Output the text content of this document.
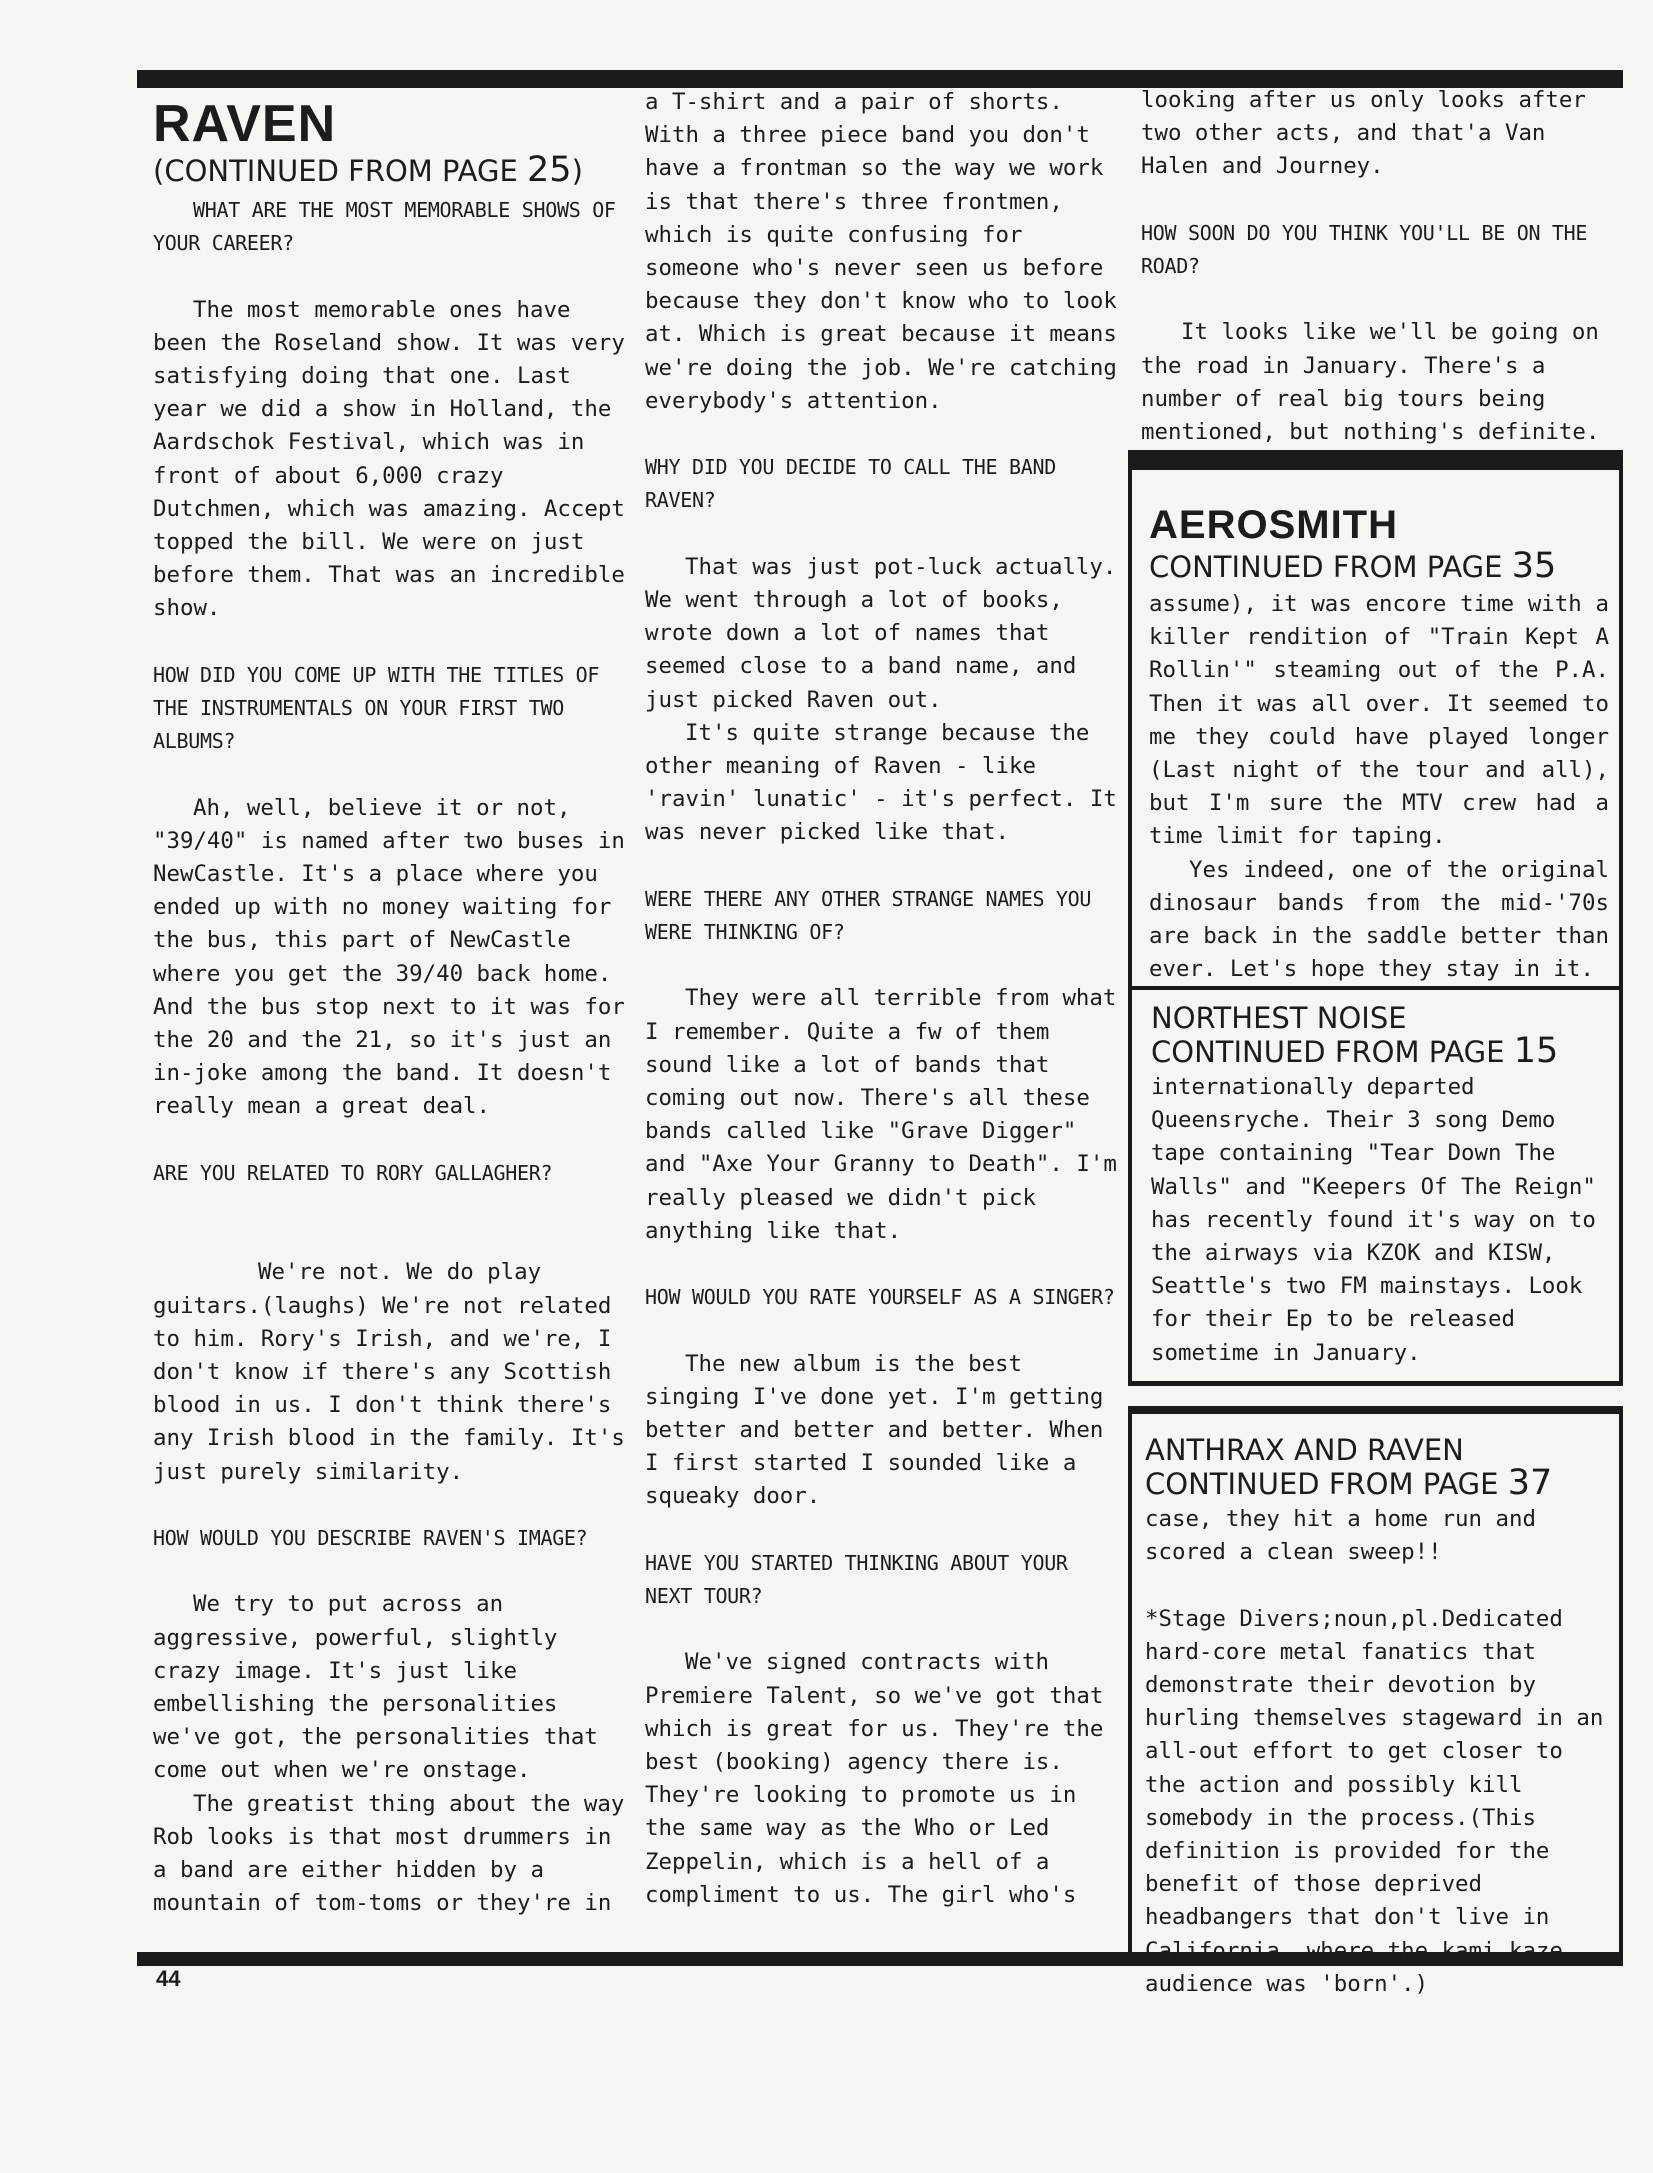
RAVEN
(CONTINUED FROM PAGE 25)
WHAT ARE THE MOST MEMORABLE SHOWS OF YOUR CAREER?
The most memorable ones have been the Roseland show. It was very satisfying doing that one. Last year we did a show in Holland, the Aardschok Festival, which was in front of about 6,000 crazy Dutchmen, which was amazing. Accept topped the bill. We were on just before them. That was an incredible show.
HOW DID YOU COME UP WITH THE TITLES OF THE INSTRUMENTALS ON YOUR FIRST TWO ALBUMS?
Ah, well, believe it or not, "39/40" is named after two buses in NewCastle. It's a place where you ended up with no money waiting for the bus, this part of NewCastle where you get the 39/40 back home. And the bus stop next to it was for the 20 and the 21, so it's just an in-joke among the band. It doesn't really mean a great deal.
ARE YOU RELATED TO RORY GALLAGHER?
We're not. We do play guitars.(laughs) We're not related to him. Rory's Irish, and we're, I don't know if there's any Scottish blood in us. I don't think there's any Irish blood in the family. It's just purely similarity.
HOW WOULD YOU DESCRIBE RAVEN'S IMAGE?
We try to put across an aggressive, powerful, slightly crazy image. It's just like embellishing the personalities we've got, the personalities that come out when we're onstage.
The greatist thing about the way Rob looks is that most drummers in a band are either hidden by a mountain of tom-toms or they're in
a T-shirt and a pair of shorts. With a three piece band you don't have a frontman so the way we work is that there's three frontmen, which is quite confusing for someone who's never seen us before because they don't know who to look at. Which is great because it means we're doing the job. We're catching everybody's attention.
WHY DID YOU DECIDE TO CALL THE BAND RAVEN?
That was just pot-luck actually. We went through a lot of books, wrote down a lot of names that seemed close to a band name, and just picked Raven out.
It's quite strange because the other meaning of Raven - like 'ravin' lunatic' - it's perfect. It was never picked like that.
WERE THERE ANY OTHER STRANGE NAMES YOU WERE THINKING OF?
They were all terrible from what I remember. Quite a fw of them sound like a lot of bands that coming out now. There's all these bands called like "Grave Digger" and "Axe Your Granny to Death". I'm really pleased we didn't pick anything like that.
HOW WOULD YOU RATE YOURSELF AS A SINGER?
The new album is the best singing I've done yet. I'm getting better and better and better. When I first started I sounded like a squeaky door.
HAVE YOU STARTED THINKING ABOUT YOUR NEXT TOUR?
We've signed contracts with Premiere Talent, so we've got that which is great for us. They're the best (booking) agency there is. They're looking to promote us in the same way as the Who or Led Zeppelin, which is a hell of a compliment to us. The girl who's
looking after us only looks after two other acts, and that'a Van Halen and Journey.
HOW SOON DO YOU THINK YOU'LL BE ON THE ROAD?
It looks like we'll be going on the road in January. There's a number of real big tours being mentioned, but nothing's definite.
AEROSMITH
CONTINUED FROM PAGE 35
assume), it was encore time with a killer rendition of "Train Kept A Rollin'" steaming out of the P.A. Then it was all over. It seemed to me they could have played longer (Last night of the tour and all), but I'm sure the MTV crew had a time limit for taping.
Yes indeed, one of the original dinosaur bands from the mid-'70s are back in the saddle better than ever. Let's hope they stay in it.
NORTHEST NOISE
CONTINUED FROM PAGE 15
internationally departed Queensryche. Their 3 song Demo tape containing "Tear Down The Walls" and "Keepers Of The Reign" has recently found it's way on to the airways via KZOK and KISW, Seattle's two FM mainstays. Look for their Ep to be released sometime in January.
ANTHRAX AND RAVEN
CONTINUED FROM PAGE 37
case, they hit a home run and scored a clean sweep!!
*Stage Divers;noun,pl.Dedicated hard-core metal fanatics that demonstrate their devotion by hurling themselves stageward in an all-out effort to get closer to the action and possibly kill somebody in the process.(This definition is provided for the benefit of those deprived headbangers that don't live in California, where the kami kaze audience was 'born'.)
44
